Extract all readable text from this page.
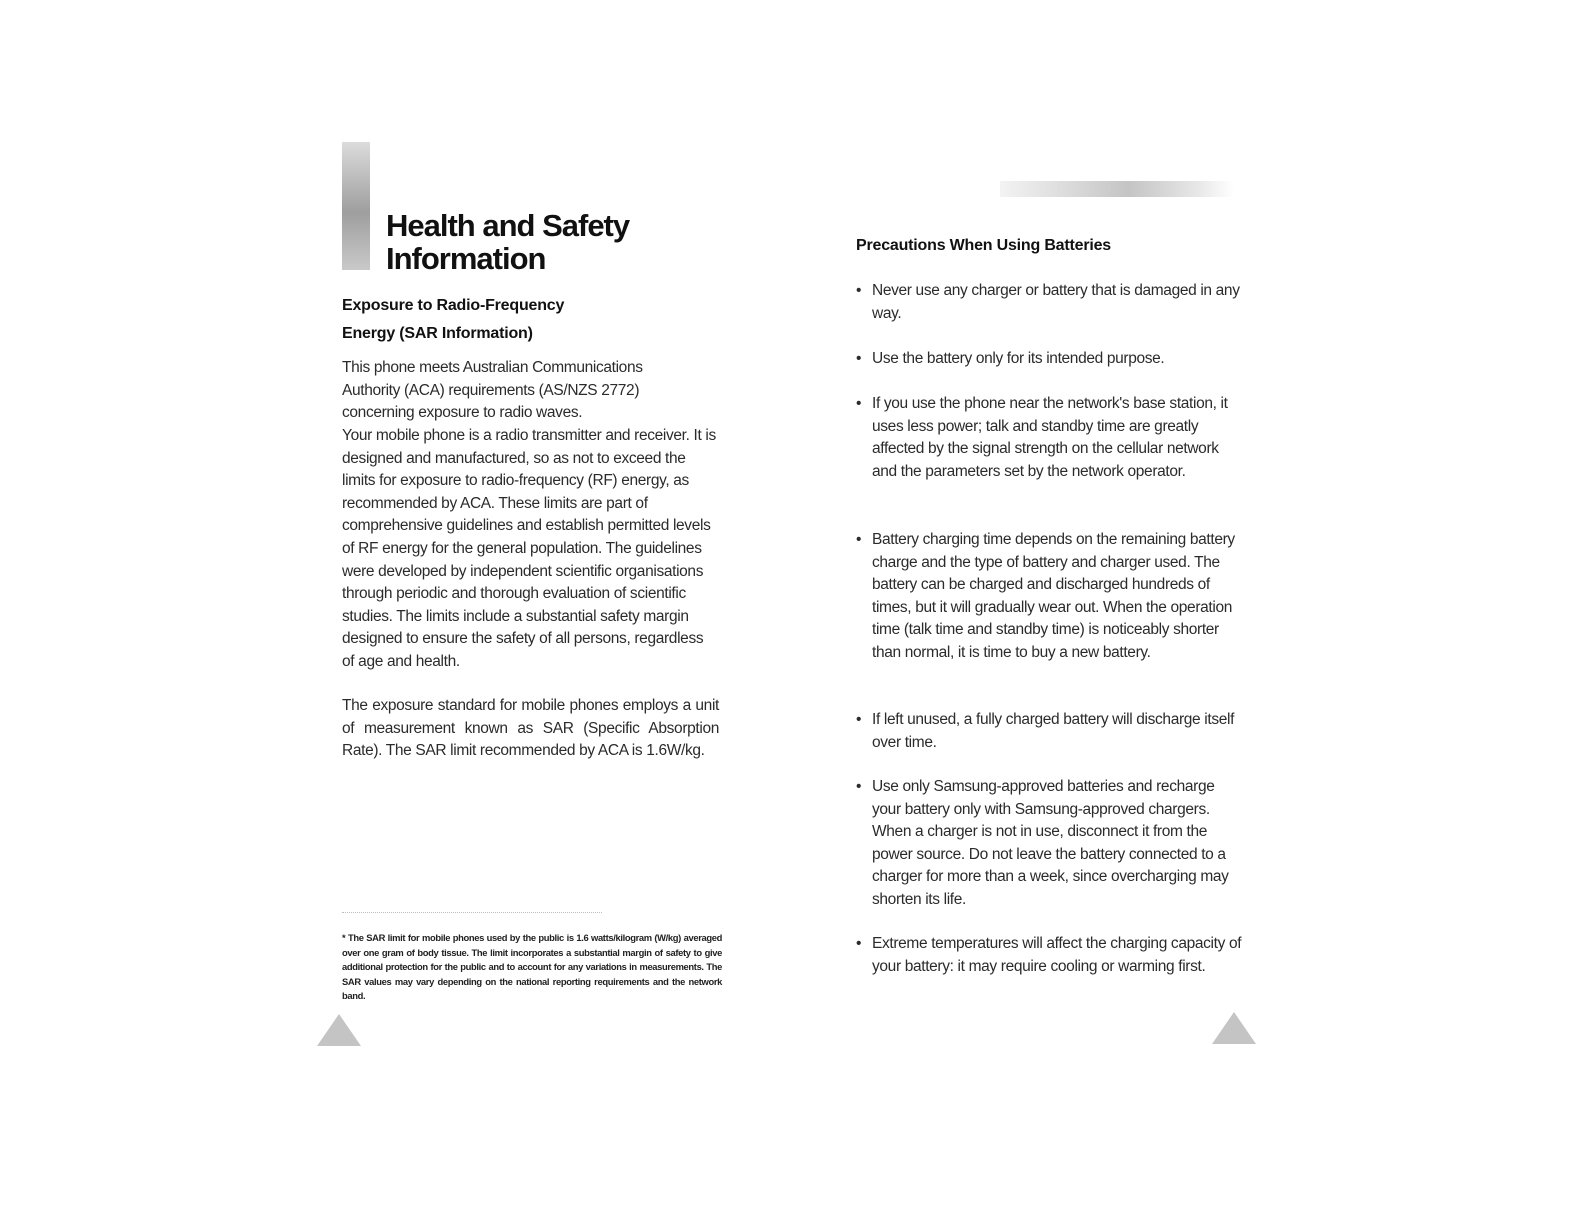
Health and Safety
Information
Exposure to Radio-Frequency
Energy (SAR Information)

This phone meets Australian Communications Authority (ACA) requirements (AS/NZS 2772) concerning exposure to radio waves.

Your mobile phone is a radio transmitter and receiver. It is designed and manufactured, so as not to exceed the limits for exposure to radio-frequency (RF) energy, as recommended by ACA. These limits are part of comprehensive guidelines and establish permitted levels of RF energy for the general population. The guidelines were developed by independent scientific organisations through periodic and thorough evaluation of scientific studies. The limits include a substantial safety margin designed to ensure the safety of all persons, regardless of age and health.

The exposure standard for mobile phones employs a unit of measurement known as SAR (Specific Absorption Rate). The SAR limit recommended by ACA is 1.6W/kg.

* The SAR limit for mobile phones used by the public is 1.6 watts/kilogram (W/kg) averaged over one gram of body tissue. The limit incorporates a substantial margin of safety to give additional protection for the public and to account for any variations in measurements. The SAR values may vary depending on the national reporting requirements and the network band.

Precautions When Using Batteries
• Never use any charger or battery that is damaged in any way.
• Use the battery only for its intended purpose.
• If you use the phone near the network's base station, it uses less power; talk and standby time are greatly affected by the signal strength on the cellular network and the parameters set by the network operator.
• Battery charging time depends on the remaining battery charge and the type of battery and charger used. The battery can be charged and discharged hundreds of times, but it will gradually wear out. When the operation time (talk time and standby time) is noticeably shorter than normal, it is time to buy a new battery.
• If left unused, a fully charged battery will discharge itself over time.
• Use only Samsung-approved batteries and recharge your battery only with Samsung-approved chargers. When a charger is not in use, disconnect it from the power source. Do not leave the battery connected to a charger for more than a week, since overcharging may shorten its life.
• Extreme temperatures will affect the charging capacity of your battery: it may require cooling or warming first.
